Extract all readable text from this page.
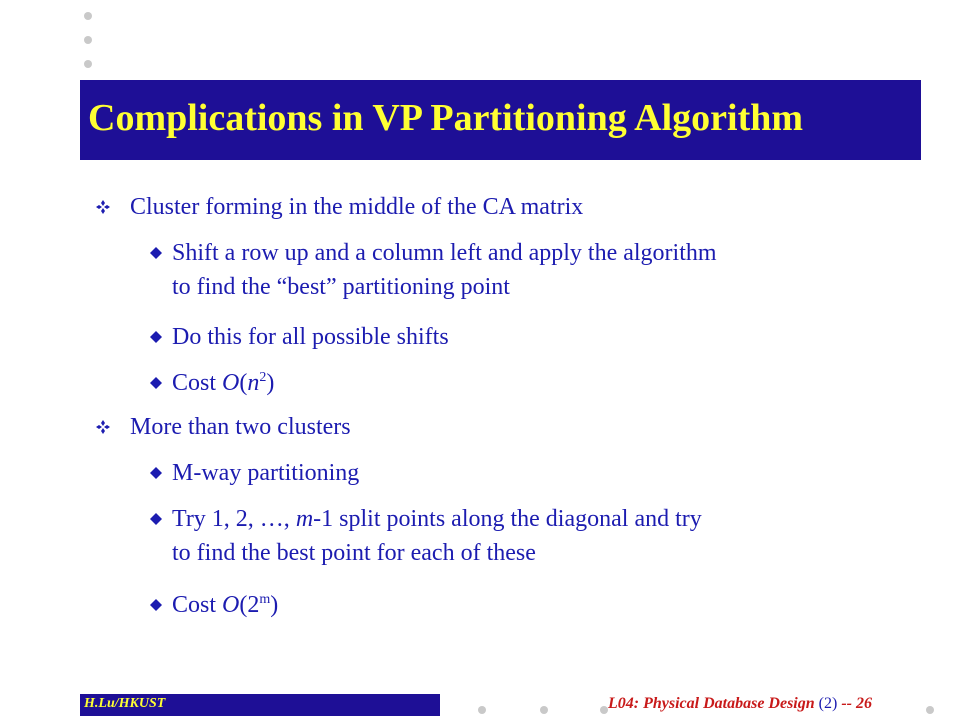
Complications in VP Partitioning Algorithm
Cluster forming in the middle of the CA matrix
Shift a row up and a column left and apply the algorithm
to find the “best” partitioning point
Do this for all possible shifts
Cost $O(n^2)$
More than two clusters
M-way partitioning
Try 1, 2, …, m-1 split points along the diagonal and try
to find the best point for each of these
Cost O(2$^m$)
H.Lu/HKUST	L04: Physical Database Design (2) -- 26
